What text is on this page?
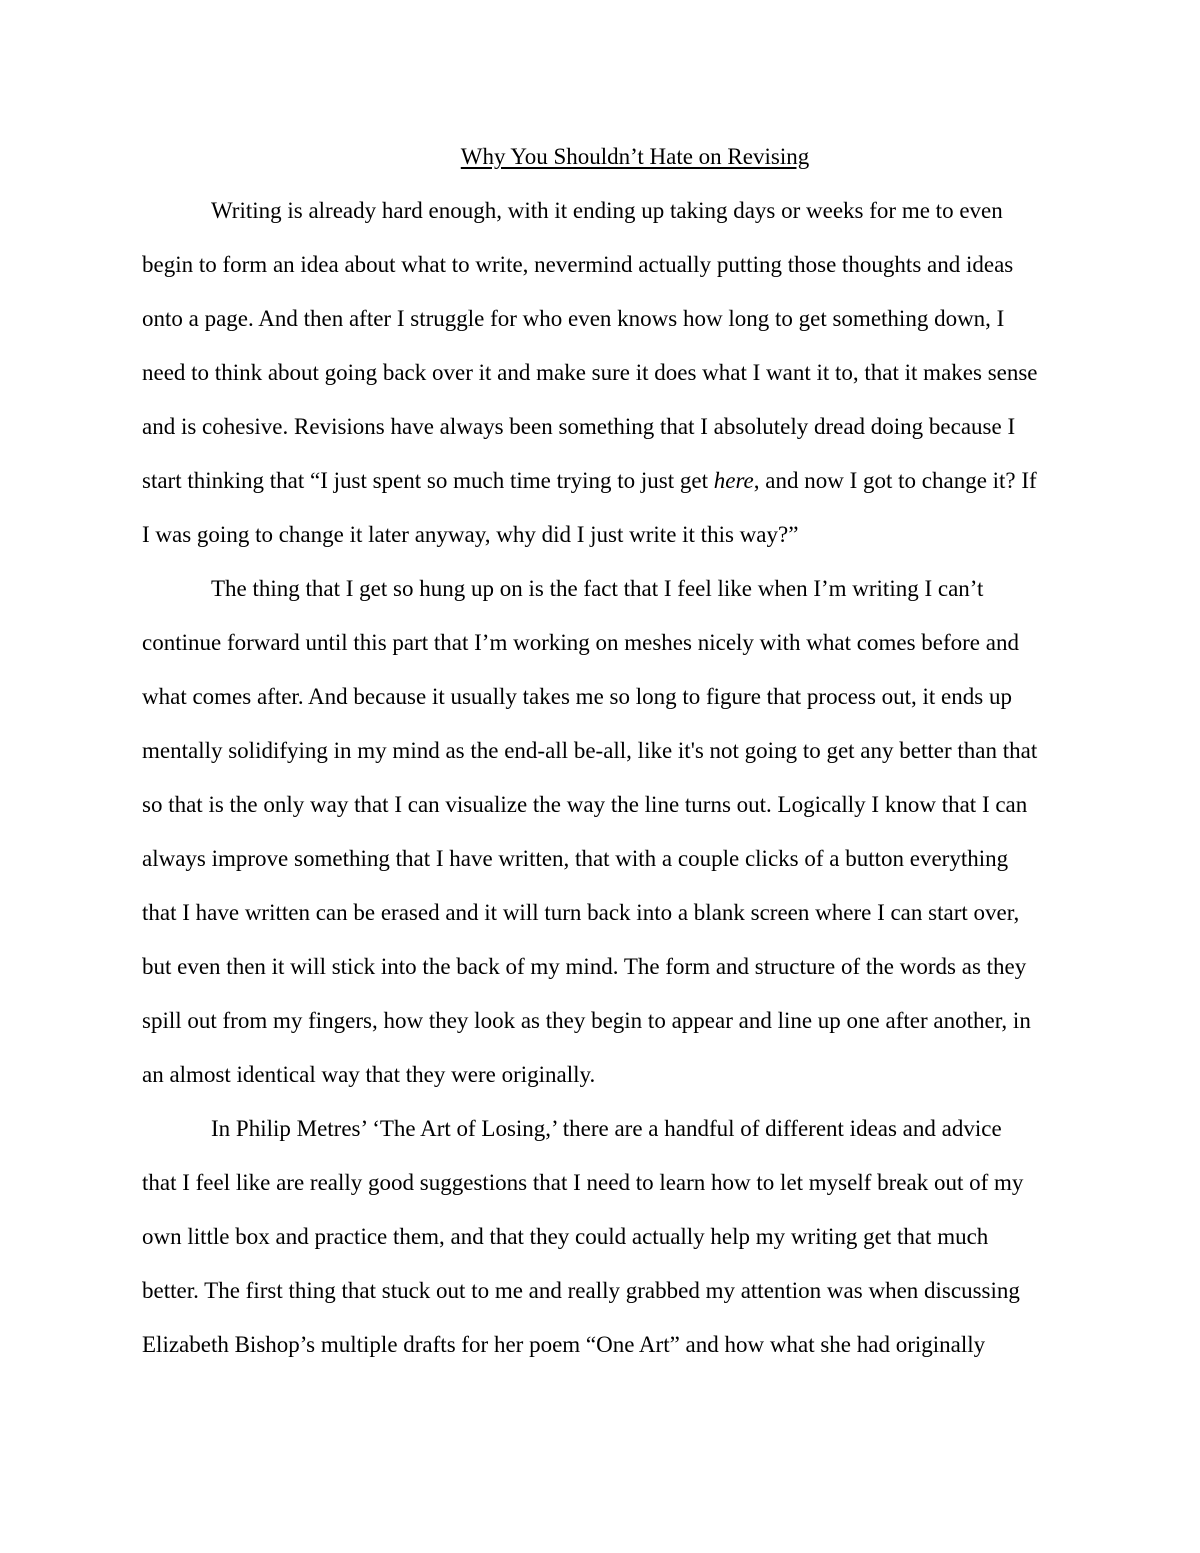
Why You Shouldn’t Hate on Revising
Writing is already hard enough, with it ending up taking days or weeks for me to even
begin to form an idea about what to write, nevermind actually putting those thoughts and ideas
onto a page. And then after I struggle for who even knows how long to get something down, I
need to think about going back over it and make sure it does what I want it to, that it makes sense
and is cohesive. Revisions have always been something that I absolutely dread doing because I
start thinking that “I just spent so much time trying to just get here, and now I got to change it? If
I was going to change it later anyway, why did I just write it this way?”
The thing that I get so hung up on is the fact that I feel like when I’m writing I can’t
continue forward until this part that I’m working on meshes nicely with what comes before and
what comes after. And because it usually takes me so long to figure that process out, it ends up
mentally solidifying in my mind as the end-all be-all, like it's not going to get any better than that
so that is the only way that I can visualize the way the line turns out. Logically I know that I can
always improve something that I have written, that with a couple clicks of a button everything
that I have written can be erased and it will turn back into a blank screen where I can start over,
but even then it will stick into the back of my mind. The form and structure of the words as they
spill out from my fingers, how they look as they begin to appear and line up one after another, in
an almost identical way that they were originally.
In Philip Metres’ ‘The Art of Losing,’ there are a handful of different ideas and advice
that I feel like are really good suggestions that I need to learn how to let myself break out of my
own little box and practice them, and that they could actually help my writing get that much
better. The first thing that stuck out to me and really grabbed my attention was when discussing
Elizabeth Bishop’s multiple drafts for her poem “One Art” and how what she had originally
